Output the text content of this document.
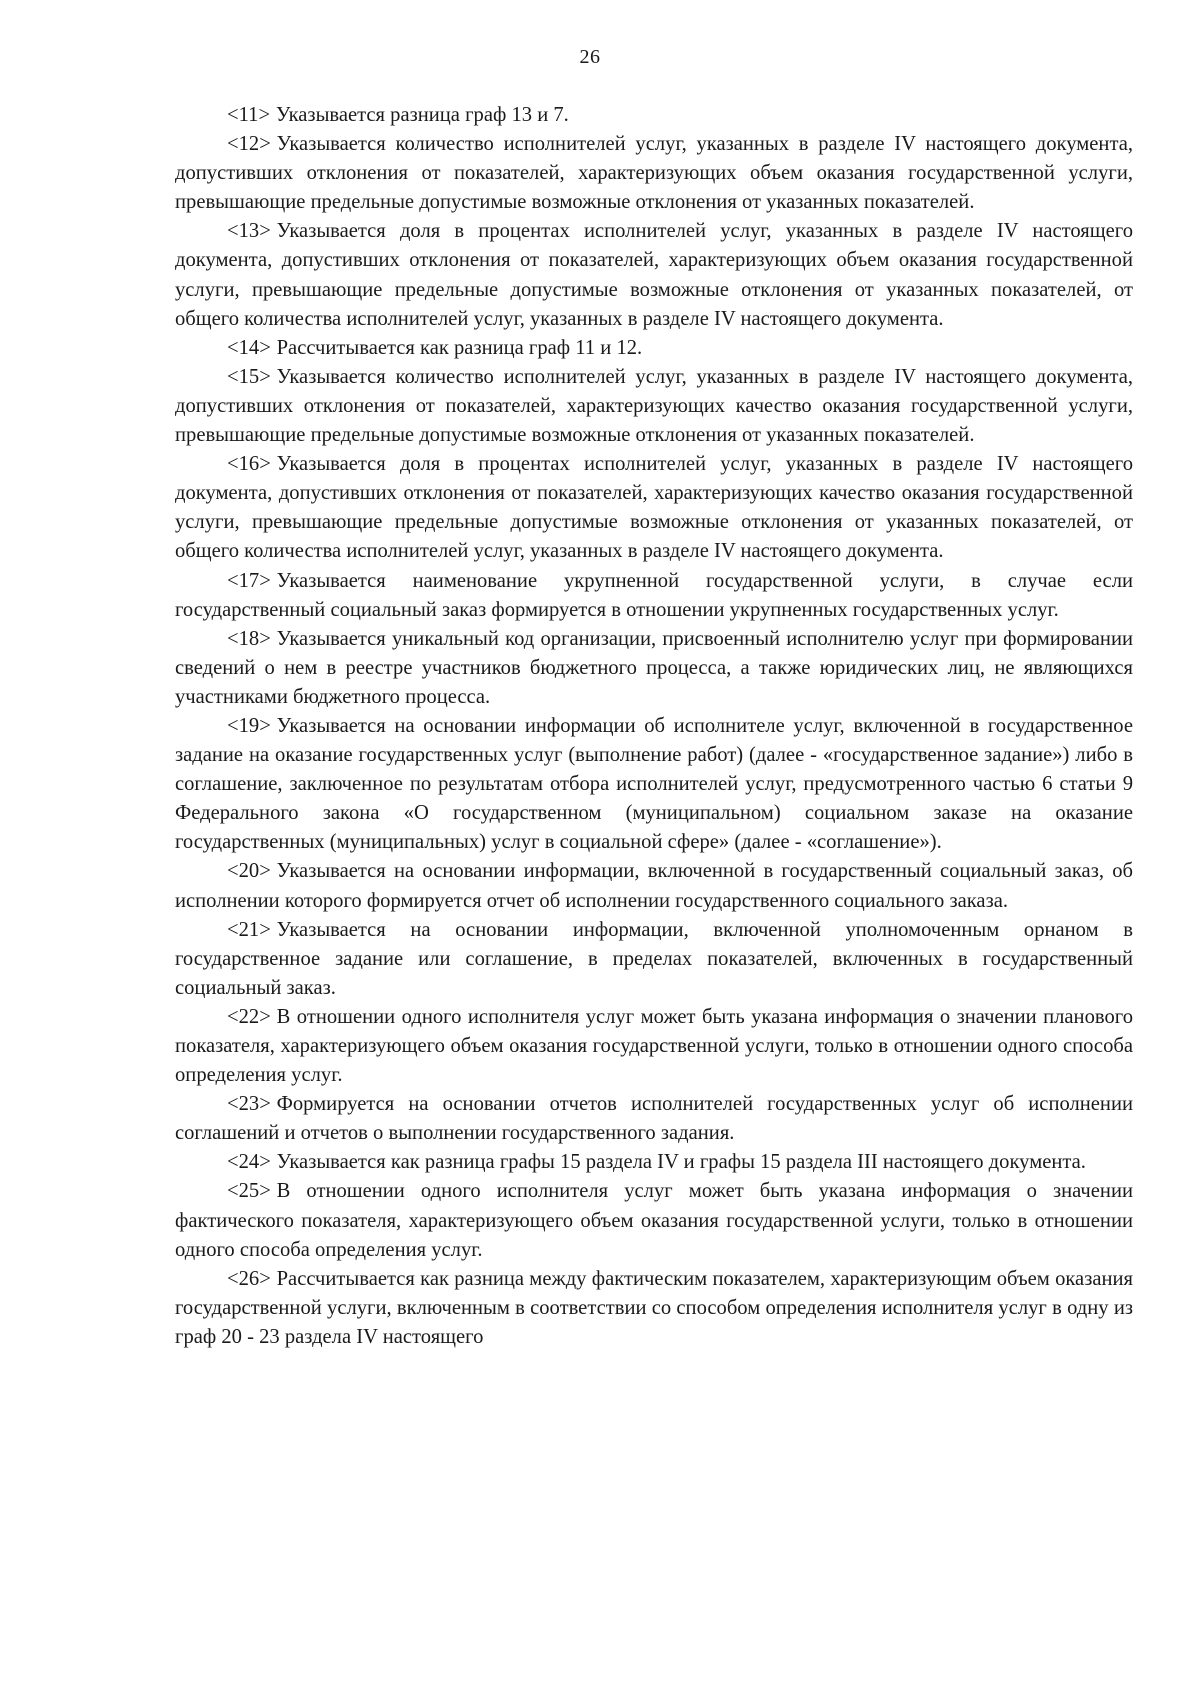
26

<11> Указывается разница граф 13 и 7.

<12> Указывается количество исполнителей услуг, указанных в разделе IV настоящего документа, допустивших отклонения от показателей, характеризующих объем оказания государственной услуги, превышающие предельные допустимые возможные отклонения от указанных показателей.

<13> Указывается доля в процентах исполнителей услуг, указанных в разделе IV настоящего документа, допустивших отклонения от показателей, характеризующих объем оказания государственной услуги, превышающие предельные допустимые возможные отклонения от указанных показателей, от общего количества исполнителей услуг, указанных в разделе IV настоящего документа.

<14> Рассчитывается как разница граф 11 и 12.

<15> Указывается количество исполнителей услуг, указанных в разделе IV настоящего документа, допустивших отклонения от показателей, характеризующих качество оказания государственной услуги, превышающие предельные допустимые возможные отклонения от указанных показателей.

<16> Указывается доля в процентах исполнителей услуг, указанных в разделе IV настоящего документа, допустивших отклонения от показателей, характеризующих качество оказания государственной услуги, превышающие предельные допустимые возможные отклонения от указанных показателей, от общего количества исполнителей услуг, указанных в разделе IV настоящего документа.

<17> Указывается наименование укрупненной государственной услуги, в случае если государственный социальный заказ формируется в отношении укрупненных государственных услуг.

<18> Указывается уникальный код организации, присвоенный исполнителю услуг при формировании сведений о нем в реестре участников бюджетного процесса, а также юридических лиц, не являющихся участниками бюджетного процесса.

<19> Указывается на основании информации об исполнителе услуг, включенной в государственное задание на оказание государственных услуг (выполнение работ) (далее - «государственное задание») либо в соглашение, заключенное по результатам отбора исполнителей услуг, предусмотренного частью 6 статьи 9 Федерального закона «О государственном (муниципальном) социальном заказе на оказание государственных (муниципальных) услуг в социальной сфере» (далее - «соглашение»).

<20> Указывается на основании информации, включенной в государственный социальный заказ, об исполнении которого формируется отчет об исполнении государственного социального заказа.

<21> Указывается на основании информации, включенной уполномоченным орнаном в государственное задание или соглашение, в пределах показателей, включенных в государственный социальный заказ.

<22> В отношении одного исполнителя услуг может быть указана информация о значении планового показателя, характеризующего объем оказания государственной услуги, только в отношении одного способа определения услуг.

<23> Формируется на основании отчетов исполнителей государственных услуг об исполнении соглашений и отчетов о выполнении государственного задания.

<24> Указывается как разница графы 15 раздела IV и графы 15 раздела III настоящего документа.

<25> В отношении одного исполнителя услуг может быть указана информация о значении фактического показателя, характеризующего объем оказания государственной услуги, только в отношении одного способа определения услуг.

<26> Рассчитывается как разница между фактическим показателем, характеризующим объем оказания государственной услуги, включенным в соответствии со способом определения исполнителя услуг в одну из граф 20 - 23 раздела IV настоящего
